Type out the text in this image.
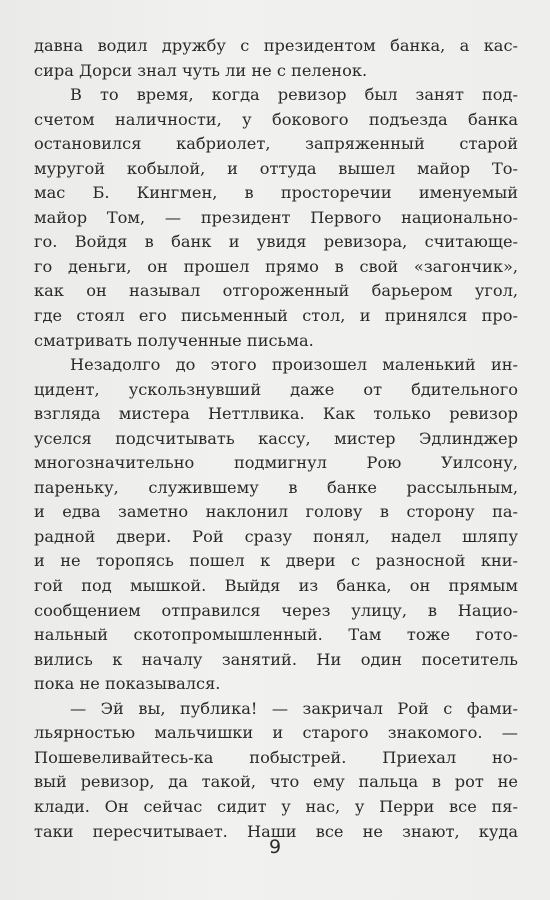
давна водил дружбу с президентом банка, а кас-
сира Дорси знал чуть ли не с пеленок.
В то время, когда ревизор был занят под-
счетом наличности, у бокового подъезда банка
остановился кабриолет, запряженный старой
муругой кобылой, и оттуда вышел майор То-
мас Б. Кингмен, в просторечии именуемый
майор Том, — президент Первого национально-
го. Войдя в банк и увидя ревизора, считающе-
го деньги, он прошел прямо в свой «загончик»,
как он называл отгороженный барьером угол,
где стоял его письменный стол, и принялся про-
сматривать полученные письма.
Незадолго до этого произошел маленький ин-
цидент, ускользнувший даже от бдительного
взгляда мистера Неттлвика. Как только ревизор
уселся подсчитывать кассу, мистер Эдлинджер
многозначительно подмигнул Рою Уилсону,
пареньку, служившему в банке рассыльным,
и едва заметно наклонил голову в сторону па-
радной двери. Рой сразу понял, надел шляпу
и не торопясь пошел к двери с разносной кни-
гой под мышкой. Выйдя из банка, он прямым
сообщением отправился через улицу, в Нацио-
нальный скотопромышленный. Там тоже гото-
вились к началу занятий. Ни один посетитель
пока не показывался.
— Эй вы, публика! — закричал Рой с фами-
льярностью мальчишки и старого знакомого. —
Пошевеливайтесь-ка побыстрей. Приехал но-
вый ревизор, да такой, что ему пальца в рот не
клади. Он сейчас сидит у нас, у Перри все пя-
таки пересчитывает. Наши все не знают, куда
9
